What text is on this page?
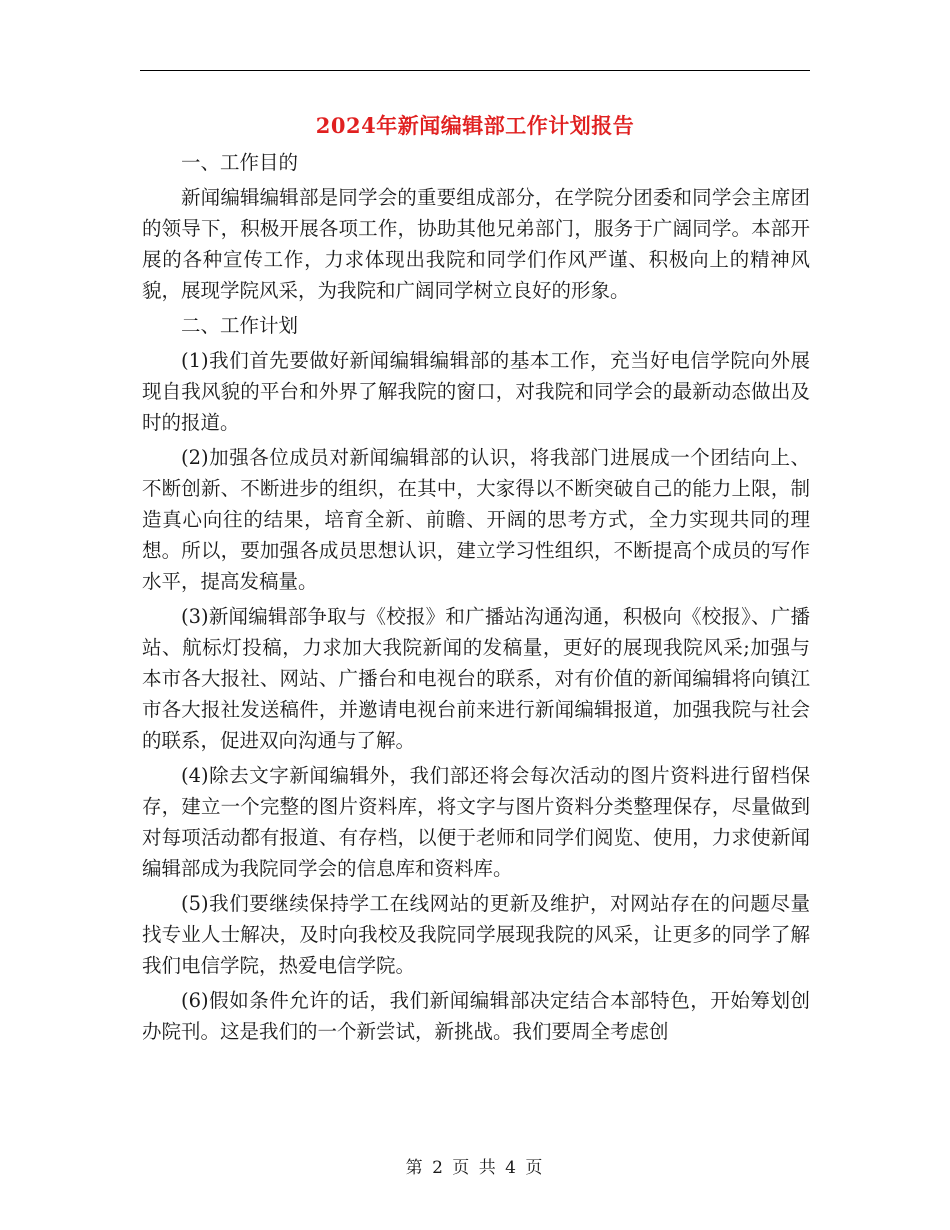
2024年新闻编辑部工作计划报告

一、工作目的

新闻编辑编辑部是同学会的重要组成部分，在学院分团委和同学会主席团的领导下，积极开展各项工作，协助其他兄弟部门，服务于广阔同学。本部开展的各种宣传工作，力求体现出我院和同学们作风严谨、积极向上的精神风貌，展现学院风采，为我院和广阔同学树立良好的形象。

二、工作计划

(1)我们首先要做好新闻编辑编辑部的基本工作，充当好电信学院向外展现自我风貌的平台和外界了解我院的窗口，对我院和同学会的最新动态做出及时的报道。

(2)加强各位成员对新闻编辑部的认识，将我部门进展成一个团结向上、不断创新、不断进步的组织，在其中，大家得以不断突破自己的能力上限，制造真心向往的结果，培育全新、前瞻、开阔的思考方式，全力实现共同的理想。所以，要加强各成员思想认识，建立学习性组织，不断提高个成员的写作水平，提高发稿量。

(3)新闻编辑部争取与《校报》和广播站沟通沟通，积极向《校报》、广播站、航标灯投稿，力求加大我院新闻的发稿量，更好的展现我院风采;加强与本市各大报社、网站、广播台和电视台的联系，对有价值的新闻编辑将向镇江市各大报社发送稿件，并邀请电视台前来进行新闻编辑报道，加强我院与社会的联系，促进双向沟通与了解。

(4)除去文字新闻编辑外，我们部还将会每次活动的图片资料进行留档保存，建立一个完整的图片资料库，将文字与图片资料分类整理保存，尽量做到对每项活动都有报道、有存档，以便于老师和同学们阅览、使用，力求使新闻编辑部成为我院同学会的信息库和资料库。

(5)我们要继续保持学工在线网站的更新及维护，对网站存在的问题尽量找专业人士解决，及时向我校及我院同学展现我院的风采，让更多的同学了解我们电信学院，热爱电信学院。

(6)假如条件允许的话，我们新闻编辑部决定结合本部特色，开始筹划创办院刊。这是我们的一个新尝试，新挑战。我们要周全考虑创

第 2 页 共 4 页
